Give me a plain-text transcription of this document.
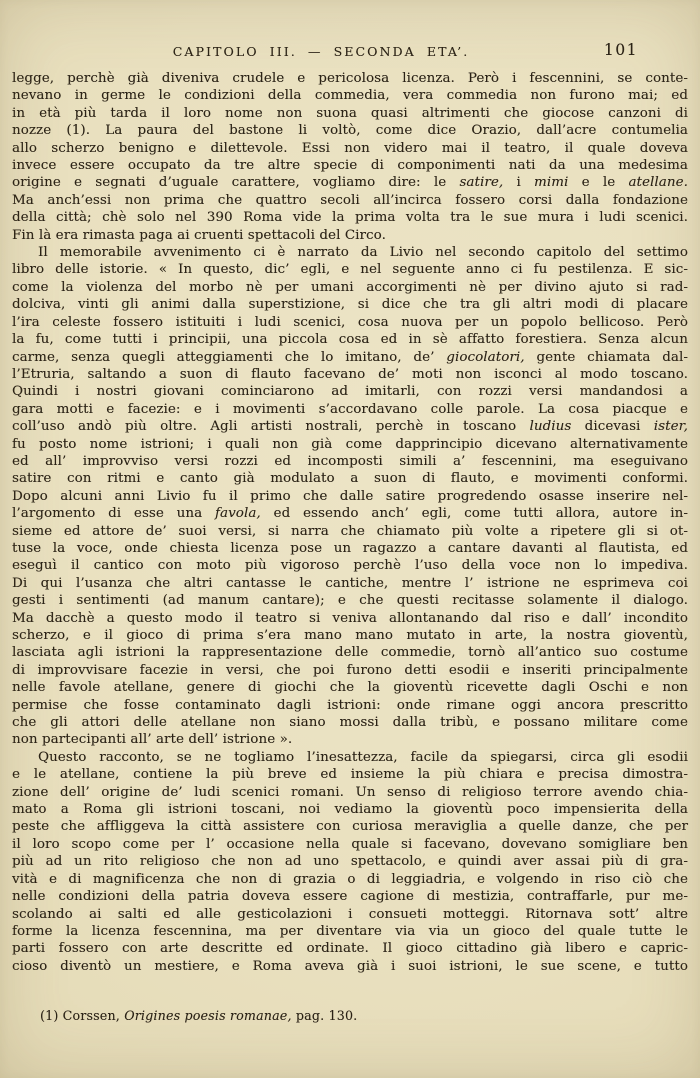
CAPITOLO III. — SECONDA ETA’.	101
legge, perchè già diveniva crudele e pericolosa licenza. Però i fescennini, se conte-
nevano in germe le condizioni della commedia, vera commedia non furono mai; ed
in età più tarda il loro nome non suona quasi altrimenti che giocose canzoni di
nozze (1). La paura del bastone li voltò, come dice Orazio, dall’acre contumelia
allo scherzo benigno e dilettevole. Essi non videro mai il teatro, il quale doveva
invece essere occupato da tre altre specie di componimenti nati da una medesima
origine e segnati d’uguale carattere, vogliamo dire: le satire, i mimi e le atellane.
Ma anch’essi non prima che quattro secoli all’incirca fossero corsi dalla fondazione
della città; chè solo nel 390 Roma vide la prima volta tra le sue mura i ludi scenici.
Fin là era rimasta paga ai cruenti spettacoli del Circo.
Il memorabile avvenimento ci è narrato da Livio nel secondo capitolo del settimo
libro delle istorie. « In questo, dic’ egli, e nel seguente anno ci fu pestilenza. E sic-
come la violenza del morbo nè per umani accorgimenti nè per divino ajuto si rad-
dolciva, vinti gli animi dalla superstizione, si dice che tra gli altri modi di placare
l’ira celeste fossero istituiti i ludi scenici, cosa nuova per un popolo bellicoso. Però
la fu, come tutti i principii, una piccola cosa ed in sè affatto forestiera. Senza alcun
carme, senza quegli atteggiamenti che lo imitano, de’ giocolatori, gente chiamata dal-
l’Etruria, saltando a suon di flauto facevano de’ moti non isconci al modo toscano.
Quindi i nostri giovani cominciarono ad imitarli, con rozzi versi mandandosi a
gara motti e facezie: e i movimenti s’accordavano colle parole. La cosa piacque e
coll’uso andò più oltre. Agli artisti nostrali, perchè in toscano ludius dicevasi ister,
fu posto nome istrioni; i quali non già come dapprincipio dicevano alternativamente
ed all’ improvviso versi rozzi ed incomposti simili a’ fescennini, ma eseguivano
satire con ritmi e canto già modulato a suon di flauto, e movimenti conformi.
Dopo alcuni anni Livio fu il primo che dalle satire progredendo osasse inserire nel-
l’argomento di esse una favola, ed essendo anch’ egli, come tutti allora, autore in-
sieme ed attore de’ suoi versi, si narra che chiamato più volte a ripetere gli si ot-
tuse la voce, onde chiesta licenza pose un ragazzo a cantare davanti al flautista, ed
eseguì il cantico con moto più vigoroso perchè l’uso della voce non lo impediva.
Di qui l’usanza che altri cantasse le cantiche, mentre l’ istrione ne esprimeva coi
gesti i sentimenti (ad manum cantare); e che questi recitasse solamente il dialogo.
Ma dacchè a questo modo il teatro si veniva allontanando dal riso e dall’ incondito
scherzo, e il gioco di prima s’era mano mano mutato in arte, la nostra gioventù,
lasciata agli istrioni la rappresentazione delle commedie, tornò all’antico suo costume
di improvvisare facezie in versi, che poi furono detti esodii e inseriti principalmente
nelle favole atellane, genere di giochi che la gioventù ricevette dagli Oschi e non
permise che fosse contaminato dagli istrioni: onde rimane oggi ancora prescritto
che gli attori delle atellane non siano mossi dalla tribù, e possano militare come
non partecipanti all’ arte dell’ istrione ».
Questo racconto, se ne togliamo l’inesattezza, facile da spiegarsi, circa gli esodii
e le atellane, contiene la più breve ed insieme la più chiara e precisa dimostra-
zione dell’ origine de’ ludi scenici romani. Un senso di religioso terrore avendo chia-
mato a Roma gli istrioni toscani, noi vediamo la gioventù poco impensierita della
peste che affliggeva la città assistere con curiosa meraviglia a quelle danze, che per
il loro scopo come per l’ occasione nella quale si facevano, dovevano somigliare ben
più ad un rito religioso che non ad uno spettacolo, e quindi aver assai più di gra-
vità e di magnificenza che non di grazia o di leggiadria, e volgendo in riso ciò che
nelle condizioni della patria doveva essere cagione di mestizia, contraffarle, pur me-
scolando ai salti ed alle gesticolazioni i consueti motteggi. Ritornava sott’ altre
forme la licenza fescennina, ma per diventare via via un gioco del quale tutte le
parti fossero con arte descritte ed ordinate. Il gioco cittadino già libero e capric-
cioso diventò un mestiere, e Roma aveva già i suoi istrioni, le sue scene, e tutto
(1) Corssen, Origines poesis romanae, pag. 130.
